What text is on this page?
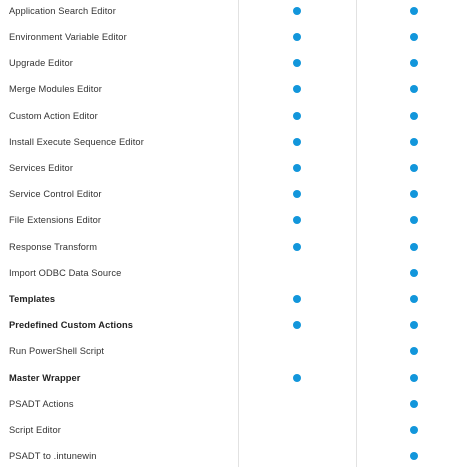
Application Search Editor
Environment Variable Editor
Upgrade Editor
Merge Modules Editor
Custom Action Editor
Install Execute Sequence Editor
Services Editor
Service Control Editor
File Extensions Editor
Response Transform
Import ODBC Data Source
Templates
Predefined Custom Actions
Run PowerShell Script
Master Wrapper
PSADT Actions
Script Editor
PSADT to .intunewin
